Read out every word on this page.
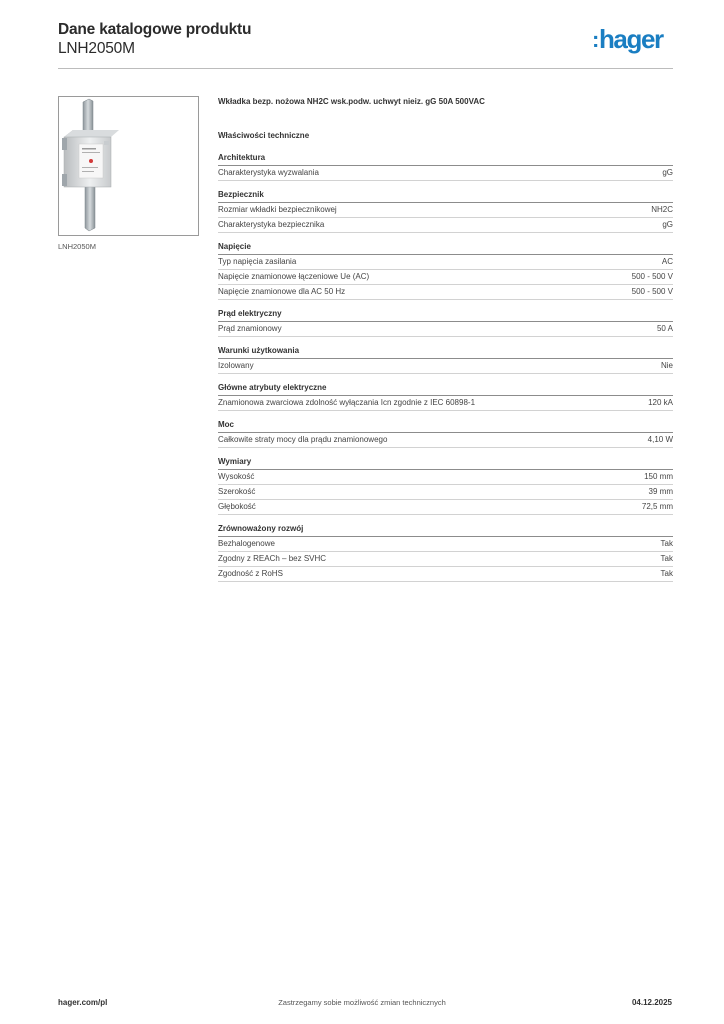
Dane katalogowe produktu
LNH2050M	:hager
LNH2050M
Wkładka bezp. nożowa NH2C wsk.podw. uchwyt nieiz. gG 50A 500VAC
Właściwości techniczne
Architektura
Charakterystyka wyzwalania	gG
Bezpiecznik
Rozmiar wkładki bezpiecznikowej	NH2C
Charakterystyka bezpiecznika	gG
Napięcie
Typ napięcia zasilania	AC
Napięcie znamionowe łączeniowe Ue (AC)	500 - 500 V
Napięcie znamionowe dla AC 50 Hz	500 - 500 V
Prąd elektryczny
Prąd znamionowy	50 A
Warunki użytkowania
Izolowany	Nie
Główne atrybuty elektryczne
Znamionowa zwarciowa zdolność wyłączania Icn zgodnie z IEC 60898-1	120 kA
Moc
Całkowite straty mocy dla prądu znamionowego	4,10 W
Wymiary
Wysokość	150 mm
Szerokość	39 mm
Głębokość	72,5 mm
Zrównoważony rozwój
Bezhalogenowe	Tak
Zgodny z REACh – bez SVHC	Tak
Zgodność z RoHS	Tak
hager.com/pl	Zastrzegamy sobie możliwość zmian technicznych	04.12.2025
